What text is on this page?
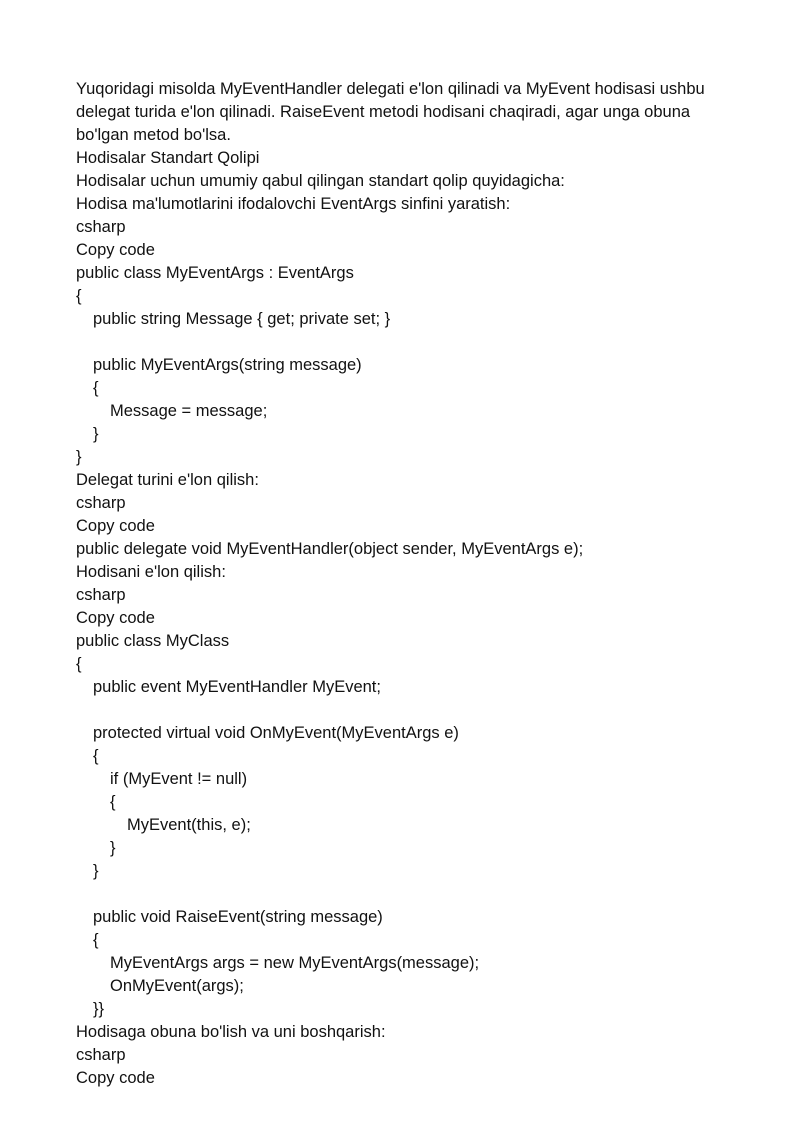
Yuqoridagi misolda MyEventHandler delegati e'lon qilinadi va MyEvent hodisasi ushbu delegat turida e'lon qilinadi. RaiseEvent metodi hodisani chaqiradi, agar unga obuna bo'lgan metod bo'lsa.
Hodisalar Standart Qolipi
Hodisalar uchun umumiy qabul qilingan standart qolip quyidagicha:
Hodisa ma'lumotlarini ifodalovchi EventArgs sinfini yaratish:
csharp
Copy code
public class MyEventArgs : EventArgs
{
public string Message { get; private set; }
public MyEventArgs(string message)
{
Message = message;
}
}
Delegat turini e'lon qilish:
csharp
Copy code
public delegate void MyEventHandler(object sender, MyEventArgs e);
Hodisani e'lon qilish:
csharp
Copy code
public class MyClass
{
public event MyEventHandler MyEvent;
protected virtual void OnMyEvent(MyEventArgs e)
{
if (MyEvent != null)
{
MyEvent(this, e);
}
}
public void RaiseEvent(string message)
{
MyEventArgs args = new MyEventArgs(message);
OnMyEvent(args);
}}
Hodisaga obuna bo'lish va uni boshqarish:
csharp
Copy code
